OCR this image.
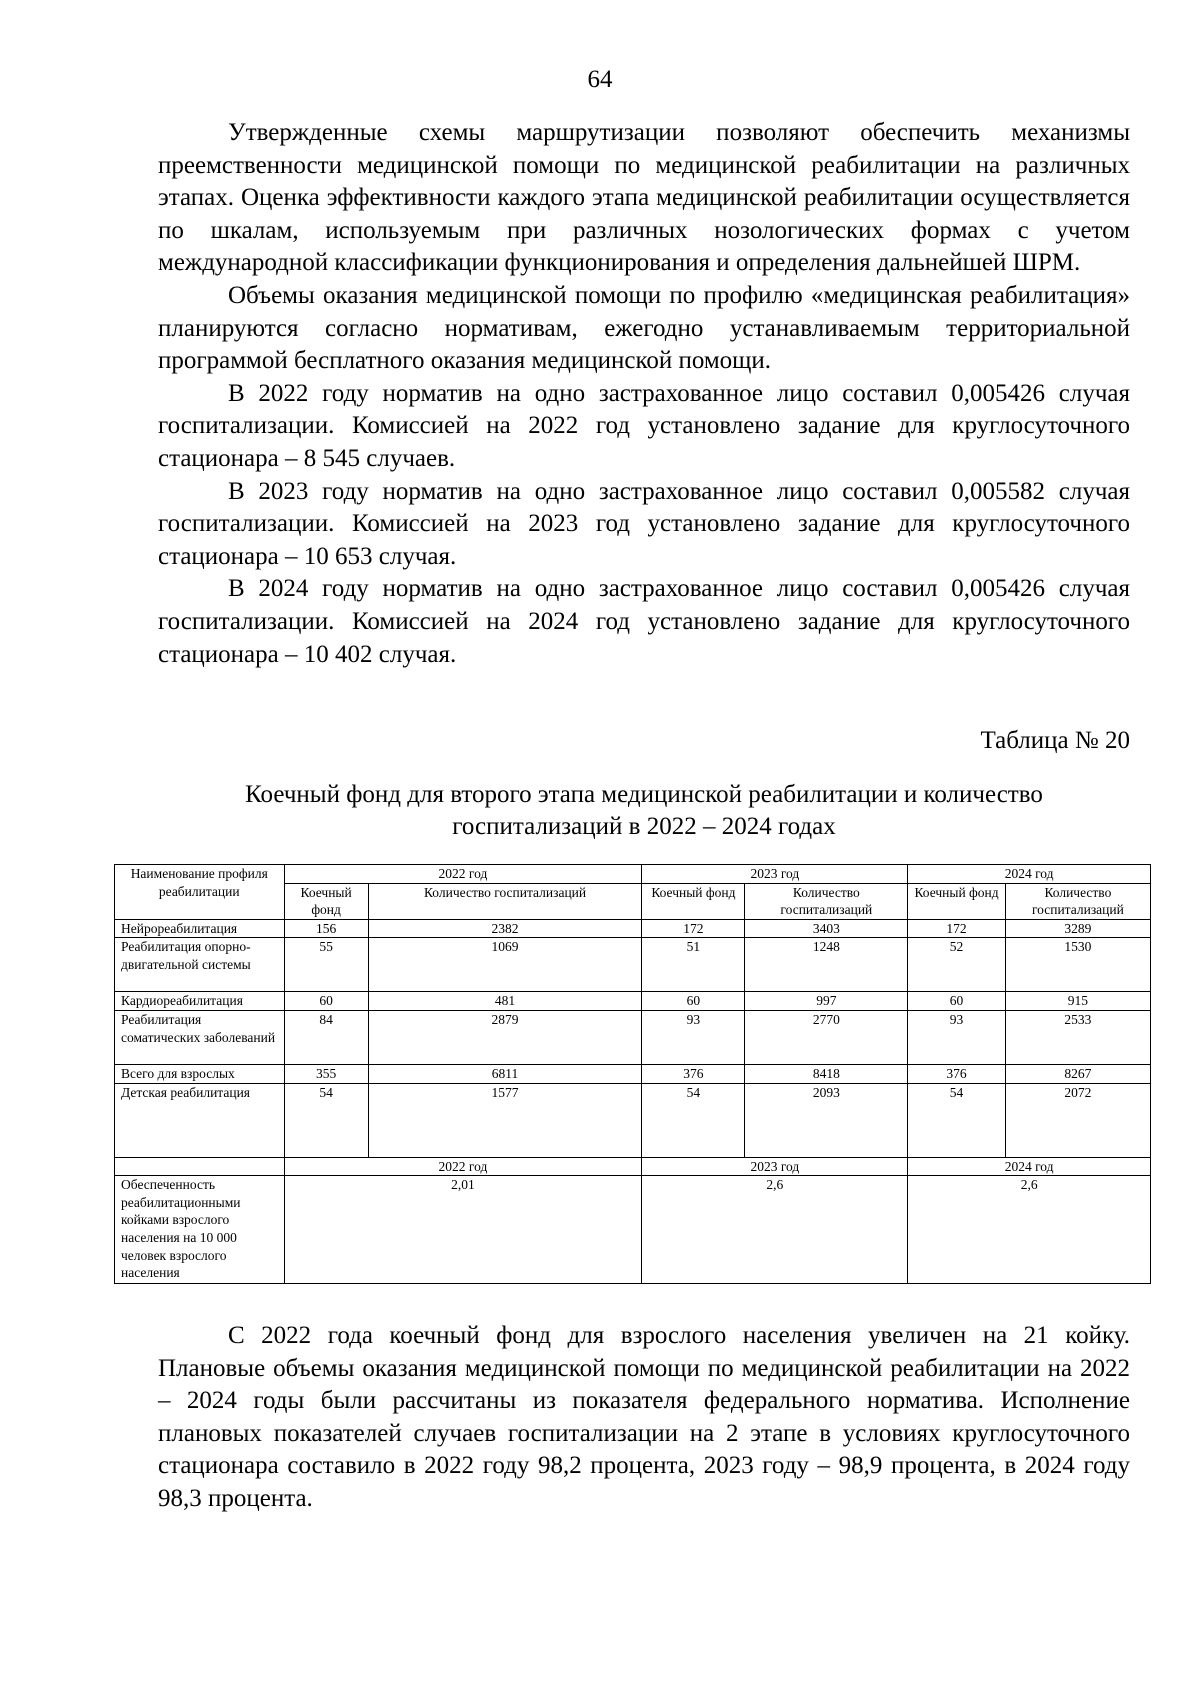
64

Утвержденные схемы маршрутизации позволяют обеспечить механизмы преемственности медицинской помощи по медицинской реабилитации на различных этапах. Оценка эффективности каждого этапа медицинской реабилитации осуществляется по шкалам, используемым при различных нозологических формах с учетом международной классификации функционирования и определения дальнейшей ШРМ.

Объемы оказания медицинской помощи по профилю «медицинская реабилитация» планируются согласно нормативам, ежегодно устанавливаемым территориальной программой бесплатного оказания медицинской помощи.

В 2022 году норматив на одно застрахованное лицо составил 0,005426 случая госпитализации. Комиссией на 2022 год установлено задание для круглосуточного стационара – 8 545 случаев.

В 2023 году норматив на одно застрахованное лицо составил 0,005582 случая госпитализации. Комиссией на 2023 год установлено задание для круглосуточного стационара – 10 653 случая.

В 2024 году норматив на одно застрахованное лицо составил 0,005426 случая госпитализации. Комиссией на 2024 год установлено задание для круглосуточного стационара – 10 402 случая.

Таблица № 20
Коечный фонд для второго этапа медицинской реабилитации и количество госпитализаций в 2022 – 2024 годах
Наименование профиля реабилитации	2022 год		2023 год		2024 год	
	Коечный фонд	Количество госпитализаций	Коечный фонд	Количество госпитализаций	Коечный фонд	Количество госпитализаций
Нейрореабилитация	156	2382	172	3403	172	3289
Реабилитация опорно-двигательной системы	55	1069	51	1248	52	1530
Кардиореабилитация	60	481	60	997	60	915
Реабилитация соматических заболеваний	84	2879	93	2770	93	2533
Всего для взрослых	355	6811	376	8418	376	8267
Детская реабилитация	54	1577	54	2093	54	2072
	2022 год		2023 год		2024 год	
Обеспеченность реабилитационными койками взрослого населения на 10 000 человек взрослого населения	2,01		2,6		2,6	

С 2022 года коечный фонд для взрослого населения увеличен на 21 койку. Плановые объемы оказания медицинской помощи по медицинской реабилитации на 2022 – 2024 годы были рассчитаны из показателя федерального норматива. Исполнение плановых показателей случаев госпитализации на 2 этапе в условиях круглосуточного стационара составило в 2022 году 98,2 процента, 2023 году – 98,9 процента, в 2024 году 98,3 процента.
